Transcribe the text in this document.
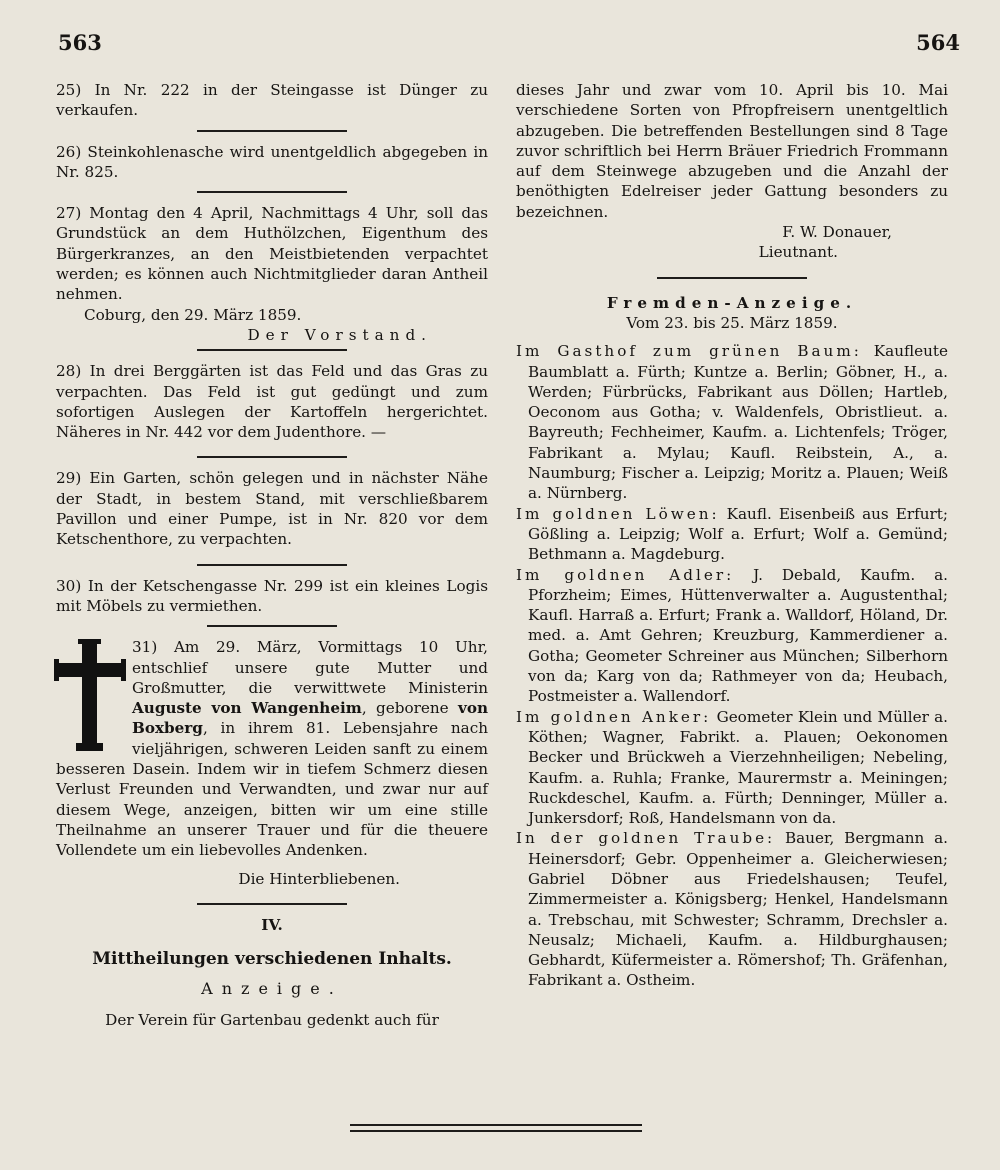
563	564

25) In Nr. 222 in der Steingasse ist Dünger zu verkaufen.

26) Steinkohlenasche wird unentgeldlich abgegeben in Nr. 825.

27) Montag den 4 April, Nachmittags 4 Uhr, soll das Grundstück an dem Huthölzchen, Eigenthum des Bürgerkranzes, an den Meistbietenden verpachtet werden; es können auch Nichtmitglieder daran Antheil nehmen.

Coburg, den 29. März 1859.

Der Vorstand.

28) In drei Berggärten ist das Feld und das Gras zu verpachten. Das Feld ist gut gedüngt und zum sofortigen Auslegen der Kartoffeln hergerichtet. Näheres in Nr. 442 vor dem Judenthore. —

29) Ein Garten, schön gelegen und in nächster Nähe der Stadt, in bestem Stand, mit verschließbarem Pavillon und einer Pumpe, ist in Nr. 820 vor dem Ketschenthore, zu verpachten.

30) In der Ketschengasse Nr. 299 ist ein kleines Logis mit Möbels zu vermiethen.

31) Am 29. März, Vormittags 10 Uhr, entschlief unsere gute Mutter und Großmutter, die verwittwete Ministerin Auguste von Wangenheim, geborene von Boxberg, in ihrem 81. Lebensjahre nach vieljährigen, schweren Leiden sanft zu einem besseren Dasein. Indem wir in tiefem Schmerz diesen Verlust Freunden und Verwandten, und zwar nur auf diesem Wege, anzeigen, bitten wir um eine stille Theilnahme an unserer Trauer und für die theuere Vollendete um ein liebevolles Andenken.

Die Hinterbliebenen.

IV.

Mittheilungen verschiedenen Inhalts.

Anzeige.

Der Verein für Gartenbau gedenkt auch für

dieses Jahr und zwar vom 10. April bis 10. Mai verschiedene Sorten von Pfropfreisern unentgeltlich abzugeben. Die betreffenden Bestellungen sind 8 Tage zuvor schriftlich bei Herrn Bräuer Friedrich Frommann auf dem Steinwege abzugeben und die Anzahl der benöthigten Edelreiser jeder Gattung besonders zu bezeichnen.

F. W. Donauer,

Lieutnant.

Fremden-Anzeige.

Vom 23. bis 25. März 1859.

Im Gasthof zum grünen Baum: Kaufleute Baumblatt a. Fürth; Kuntze a. Berlin; Göbner, H., a. Werden; Fürbrücks, Fabrikant aus Döllen; Hartleb, Oeconom aus Gotha; v. Waldenfels, Obristlieut. a. Bayreuth; Fechheimer, Kaufm. a. Lichtenfels; Tröger, Fabrikant a. Mylau; Kaufl. Reibstein, A., a. Naumburg; Fischer a. Leipzig; Moritz a. Plauen; Weiß a. Nürnberg.

Im goldnen Löwen: Kaufl. Eisenbeiß aus Erfurt; Gößling a. Leipzig; Wolf a. Erfurt; Wolf a. Gemünd; Bethmann a. Magdeburg.

Im goldnen Adler: J. Debald, Kaufm. a. Pforzheim; Eimes, Hüttenverwalter a. Augustenthal; Kaufl. Harraß a. Erfurt; Frank a. Walldorf, Höland, Dr. med. a. Amt Gehren; Kreuzburg, Kammerdiener a. Gotha; Geometer Schreiner aus München; Silberhorn von da; Karg von da; Rathmeyer von da; Heubach, Postmeister a. Wallendorf.

Im goldnen Anker: Geometer Klein und Müller a. Köthen; Wagner, Fabrikt. a. Plauen; Oekonomen Becker und Brückweh a Vierzehnheiligen; Nebeling, Kaufm. a. Ruhla; Franke, Maurermstr a. Meiningen; Ruckdeschel, Kaufm. a. Fürth; Denninger, Müller a. Junkersdorf; Roß, Handelsmann von da.

In der goldnen Traube: Bauer, Bergmann a. Heinersdorf; Gebr. Oppenheimer a. Gleicherwiesen; Gabriel Döbner aus Friedelshausen; Teufel, Zimmermeister a. Königsberg; Henkel, Handelsmann a. Trebschau, mit Schwester; Schramm, Drechsler a. Neusalz; Michaeli, Kaufm. a. Hildburghausen; Gebhardt, Küfermeister a. Römershof; Th. Gräfenhan, Fabrikant a. Ostheim.
